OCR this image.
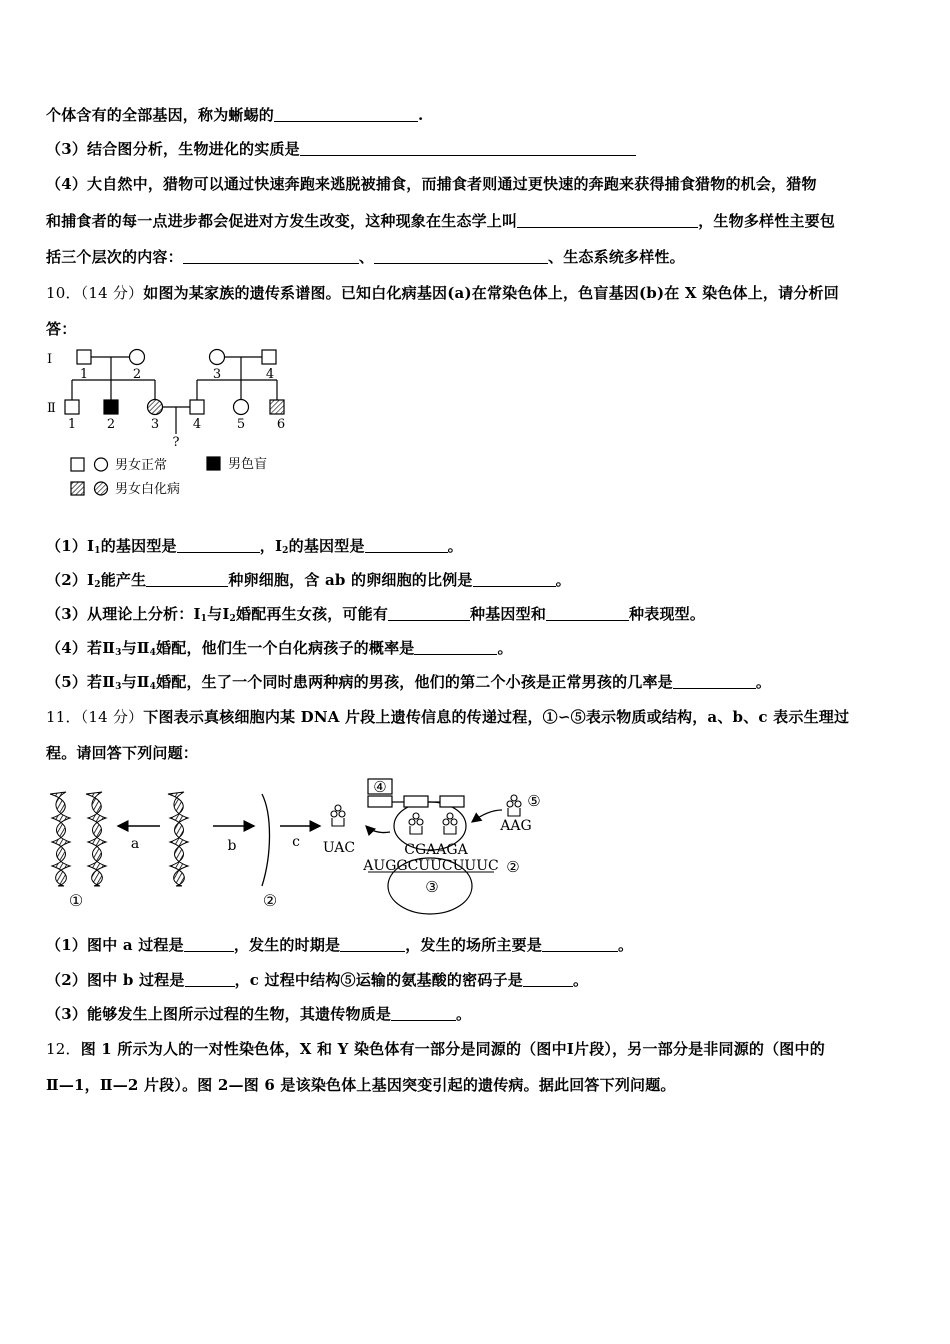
个体含有的全部基因，称为蜥蜴的	.
（3）结合图分析，生物进化的实质是
（4）大自然中，猎物可以通过快速奔跑来逃脱被捕食，而捕食者则通过更快速的奔跑来获得捕食猎物的机会，猎物
和捕食者的每一点进步都会促进对方发生改变，这种现象在生态学上叫	，生物多样性主要包
括三个层次的内容：	、	、生态系统多样性。
10．（14 分）如图为某家族的遗传系谱图。已知白化病基因(a)在常染色体上，色盲基因(b)在 X 染色体上，请分析回
答：
Ⅰ
Ⅱ
1	2	3	4
1 2	3	4	5 6
?
男女正常	男色盲
男女白化病
$(1)Ⅰ_1$的基因型是	，$Ⅰ_2$的基因型是	。
$(2)Ⅰ_2$能产生	种卵细胞，含 ab 的卵细胞的比例是	。
（3）从理论上分析：$Ⅰ_1$与$Ⅰ_2$婚配再生女孩，可能有	种基因型和	种表现型。
（4）若$Ⅱ_3$与$Ⅱ_4$婚配，他们生一个白化病孩子的概率是	。
（5）若$Ⅱ_3$与$Ⅱ_4$婚配，生了一个同时患两种病的男孩，他们的第二个小孩是正常男孩的几率是	。
11．（14 分）下图表示真核细胞内某 DNA 片段上遗传信息的传递过程，①∽⑤表示物质或结构，a、b、c 表示生理过
程。请回答下列问题：
a	b	c
①	②
④
⑤
③
②
UAC
AAG
CGAAGA
AUGGCUUCUUUC
（1）图中 a 过程是	，发生的时期是	，发生的场所主要是	。
（2）图中 b 过程是	，c 过程中结构⑤运输的氨基酸的密码子是	。
（3）能够发生上图所示过程的生物，其遗传物质是	。
12．图 1 所示为人的一对性染色体，X 和 Y 染色体有一部分是同源的（图中Ⅰ片段），另一部分是非同源的（图中的
Ⅱ—1，Ⅱ—2 片段）。图 2—图 6 是该染色体上基因突变引起的遗传病。据此回答下列问题。
